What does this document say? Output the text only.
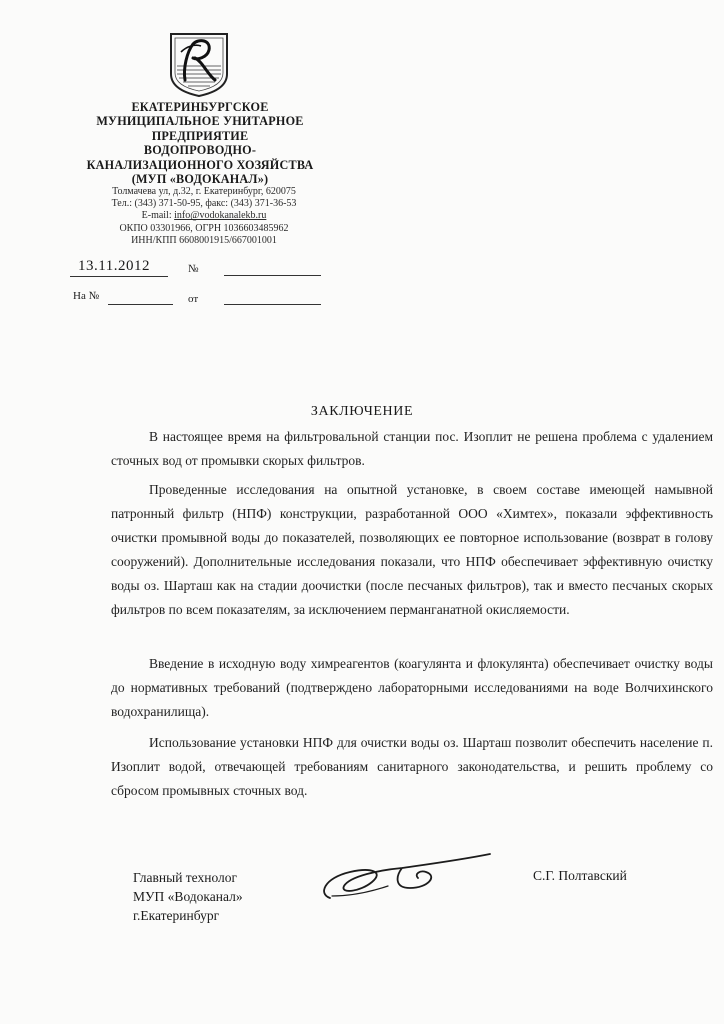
ЕКАТЕРИНБУРГСКОЕ
МУНИЦИПАЛЬНОЕ УНИТАРНОЕ
ПРЕДПРИЯТИЕ
ВОДОПРОВОДНО-
КАНАЛИЗАЦИОННОГО ХОЗЯЙСТВА
(МУП «ВОДОКАНАЛ»)
Толмачева ул, д.32, г. Екатеринбург, 620075
Тел.: (343) 371-50-95, факс: (343) 371-36-53
E-mail: info@vodokanalekb.ru
ОКПО 03301966, ОГРН 1036603485962
ИНН/КПП 6608001915/667001001
13.11.2012	№
На №	от
ЗАКЛЮЧЕНИЕ

В настоящее время на фильтровальной станции пос. Изоплит не решена проблема с удалением сточных вод от промывки скорых фильтров.

Проведенные исследования на опытной установке, в своем составе имеющей намывной патронный фильтр (НПФ) конструкции, разработанной ООО «Химтех», показали эффективность очистки промывной воды до показателей, позволяющих ее повторное использование (возврат в голову сооружений). Дополнительные исследования показали, что НПФ обеспечивает эффективную очистку воды оз. Шарташ как на стадии доочистки (после песчаных фильтров), так и вместо песчаных скорых фильтров по всем показателям, за исключением перманганатной окисляемости.

Введение в исходную воду химреагентов (коагулянта и флокулянта) обеспечивает очистку воды до нормативных требований (подтверждено лабораторными исследованиями на воде Волчихинского водохранилища).

Использование установки НПФ для очистки воды оз. Шарташ позволит обеспечить население п. Изоплит водой, отвечающей требованиям санитарного законодательства, и решить проблему со сбросом промывных сточных вод.

Главный технолог
МУП «Водоканал»
г.Екатеринбург
С.Г. Полтавский
